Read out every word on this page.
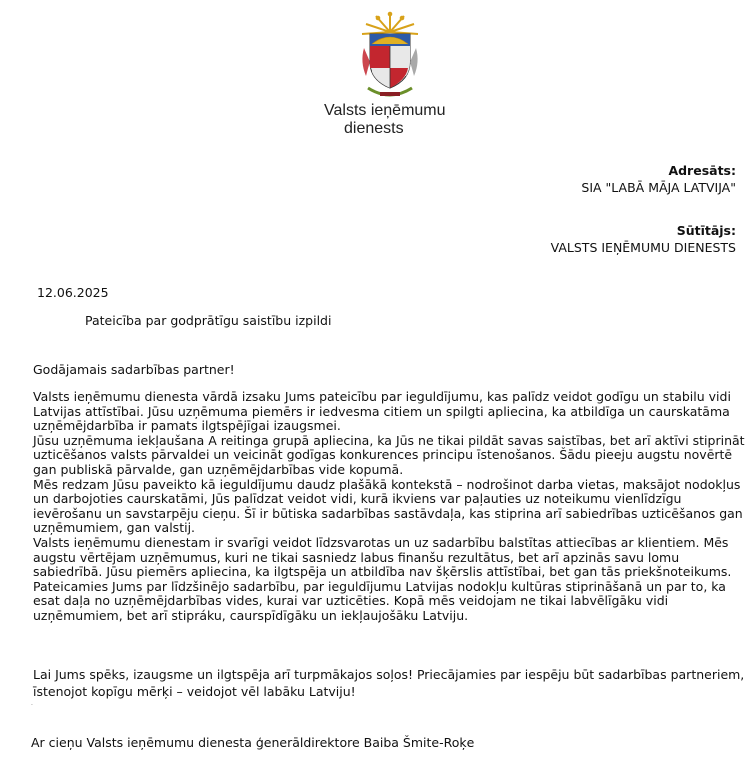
Valsts ieņēmumu
dienests
Adresāts:
SIA "LABĀ MĀJA LATVIJA"
Sūtītājs:
VALSTS IEŅĒMUMU DIENESTS
12.06.2025
Pateicība par godprātīgu saistību izpildi
Godājamais sadarbības partner!

Valsts ieņēmumu dienesta vārdā izsaku Jums pateicību par ieguldījumu, kas palīdz veidot godīgu un stabilu vidi Latvijas attīstībai. Jūsu uzņēmuma piemērs ir iedvesma citiem un spilgti apliecina, ka atbildīga un caurskatāma uzņēmējdarbība ir pamats ilgtspējīgai izaugsmei.

Jūsu uzņēmuma iekļaušana A reitinga grupā apliecina, ka Jūs ne tikai pildāt savas saistības, bet arī aktīvi stiprināt uzticēšanos valsts pārvaldei un veicināt godīgas konkurences principu īstenošanos. Šādu pieeju augstu novērtē gan publiskā pārvalde, gan uzņēmējdarbības vide kopumā.

Mēs redzam Jūsu paveikto kā ieguldījumu daudz plašākā kontekstā – nodrošinot darba vietas, maksājot nodokļus un darbojoties caurskatāmi, Jūs palīdzat veidot vidi, kurā ikviens var paļauties uz noteikumu vienlīdzīgu ievērošanu un savstarpēju cieņu. Šī ir būtiska sadarbības sastāvdaļa, kas stiprina arī sabiedrības uzticēšanos gan uzņēmumiem, gan valstij.

Valsts ieņēmumu dienestam ir svarīgi veidot līdzsvarotas un uz sadarbību balstītas attiecības ar klientiem. Mēs augstu vērtējam uzņēmumus, kuri ne tikai sasniedz labus finanšu rezultātus, bet arī apzinās savu lomu sabiedrībā. Jūsu piemērs apliecina, ka ilgtspēja un atbildība nav šķērslis attīstībai, bet gan tās priekšnoteikums.

Pateicamies Jums par līdzšinējo sadarbību, par ieguldījumu Latvijas nodokļu kultūras stiprināšanā un par to, ka esat daļa no uzņēmējdarbības vides, kurai var uzticēties. Kopā mēs veidojam ne tikai labvēlīgāku vidi uzņēmumiem, bet arī stipráku, caurspīdīgāku un iekļaujošāku Latviju.

Lai Jums spēks, izaugsme un ilgtspēja arī turpmākajos soļos! Priecājamies par iespēju būt sadarbības partneriem, īstenojot kopīgu mērķi – veidojot vēl labāku Latviju!
.
Ar cieņu Valsts ieņēmumu dienesta ģenerāldirektore Baiba Šmite-Roķe
